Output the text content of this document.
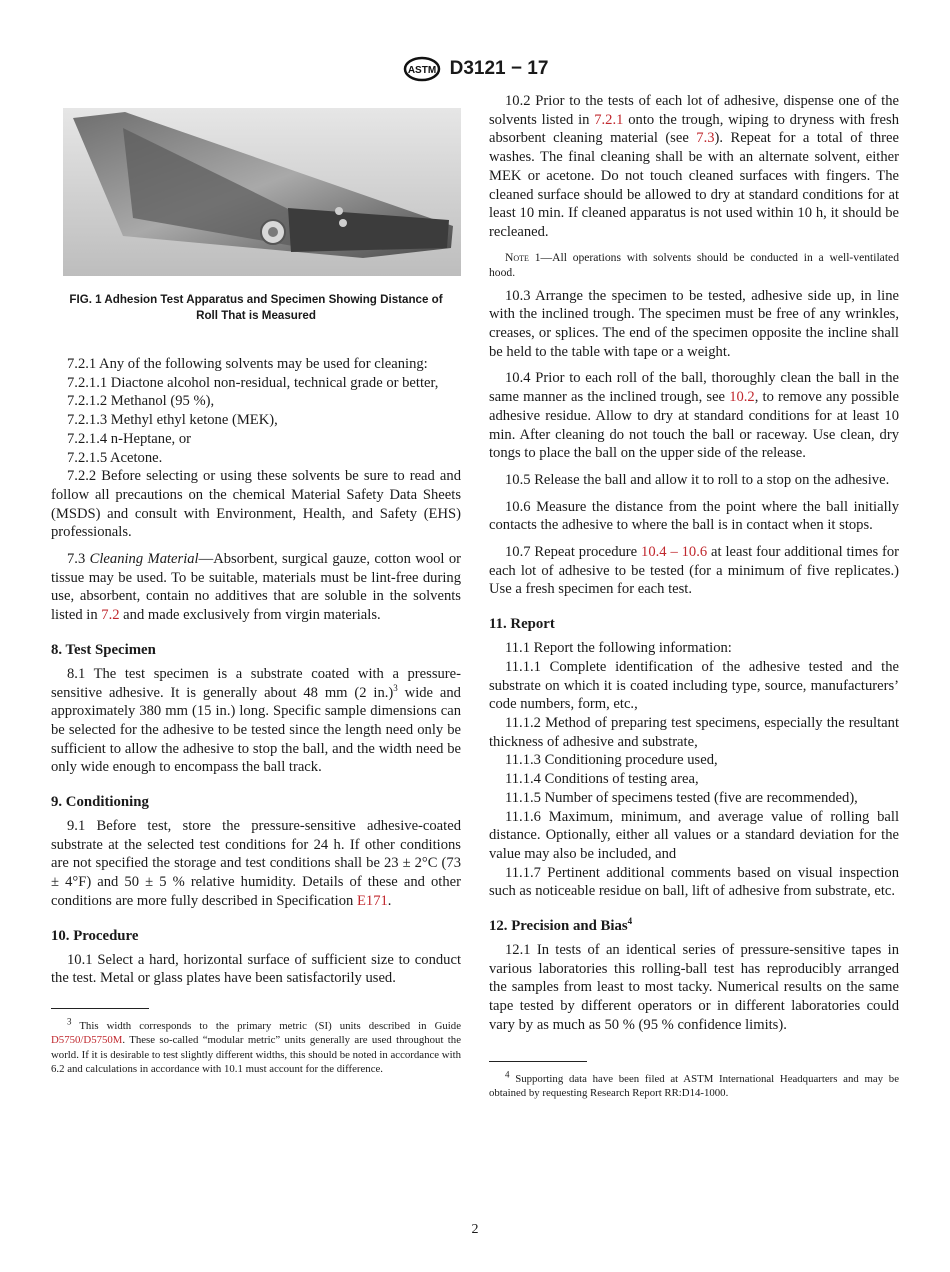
ASTM D3121 − 17
FIG. 1 Adhesion Test Apparatus and Specimen Showing Distance of Roll That is Measured

7.2.1 Any of the following solvents may be used for cleaning:

7.2.1.1 Diactone alcohol non-residual, technical grade or better,

7.2.1.2 Methanol (95 %),

7.2.1.3 Methyl ethyl ketone (MEK),

7.2.1.4 n-Heptane, or

7.2.1.5 Acetone.

7.2.2 Before selecting or using these solvents be sure to read and follow all precautions on the chemical Material Safety Data Sheets (MSDS) and consult with Environment, Health, and Safety (EHS) professionals.

7.3 Cleaning Material—Absorbent, surgical gauze, cotton wool or tissue may be used. To be suitable, materials must be lint-free during use, absorbent, contain no additives that are soluble in the solvents listed in 7.2 and made exclusively from virgin materials.

8. Test Specimen

8.1 The test specimen is a substrate coated with a pressure-sensitive adhesive. It is generally about 48 mm (2 in.)$^3$ wide and approximately 380 mm (15 in.) long. Specific sample dimensions can be selected for the adhesive to be tested since the length need only be sufficient to allow the adhesive to stop the ball, and the width need be only wide enough to encompass the ball track.

9. Conditioning

9.1 Before test, store the pressure-sensitive adhesive-coated substrate at the selected test conditions for 24 h. If other conditions are not specified the storage and test conditions shall be 23 ± 2°C (73 ± 4°F) and 50 ± 5 % relative humidity. Details of these and other conditions are more fully described in Specification E171.

10. Procedure

10.1 Select a hard, horizontal surface of sufficient size to conduct the test. Metal or glass plates have been satisfactorily used.

$^3$ This width corresponds to the primary metric (SI) units described in Guide D5750/D5750M. These so-called “modular metric” units generally are used throughout the world. If it is desirable to test slightly different widths, this should be noted in accordance with 6.2 and calculations in accordance with 10.1 must account for the difference.

10.2 Prior to the tests of each lot of adhesive, dispense one of the solvents listed in 7.2.1 onto the trough, wiping to dryness with fresh absorbent cleaning material (see 7.3). Repeat for a total of three washes. The final cleaning shall be with an alternate solvent, either MEK or acetone. Do not touch cleaned surfaces with fingers. The cleaned surface should be allowed to dry at standard conditions for at least 10 min. If cleaned apparatus is not used within 10 h, it should be recleaned.

Note 1—All operations with solvents should be conducted in a well-ventilated hood.

10.3 Arrange the specimen to be tested, adhesive side up, in line with the inclined trough. The specimen must be free of any wrinkles, creases, or splices. The end of the specimen opposite the incline shall be held to the table with tape or a weight.

10.4 Prior to each roll of the ball, thoroughly clean the ball in the same manner as the inclined trough, see 10.2, to remove any possible adhesive residue. Allow to dry at standard conditions for at least 10 min. After cleaning do not touch the ball or raceway. Use clean, dry tongs to place the ball on the upper side of the release.

10.5 Release the ball and allow it to roll to a stop on the adhesive.

10.6 Measure the distance from the point where the ball initially contacts the adhesive to where the ball is in contact when it stops.

10.7 Repeat procedure 10.4 – 10.6 at least four additional times for each lot of adhesive to be tested (for a minimum of five replicates.) Use a fresh specimen for each test.

11. Report

11.1 Report the following information:

11.1.1 Complete identification of the adhesive tested and the substrate on which it is coated including type, source, manufacturers’ code numbers, form, etc.,

11.1.2 Method of preparing test specimens, especially the resultant thickness of adhesive and substrate,

11.1.3 Conditioning procedure used,

11.1.4 Conditions of testing area,

11.1.5 Number of specimens tested (five are recommended),

11.1.6 Maximum, minimum, and average value of rolling ball distance. Optionally, either all values or a standard deviation for the value may also be included, and

11.1.7 Pertinent additional comments based on visual inspection such as noticeable residue on ball, lift of adhesive from substrate, etc.

12. Precision and Bias$^4$

12.1 In tests of an identical series of pressure-sensitive tapes in various laboratories this rolling-ball test has reproducibly arranged the samples from least to most tacky. Numerical results on the same tape tested by different operators or in different laboratories could vary by as much as 50 % (95 % confidence limits).

$^4$ Supporting data have been filed at ASTM International Headquarters and may be obtained by requesting Research Report RR:D14-1000.

2
